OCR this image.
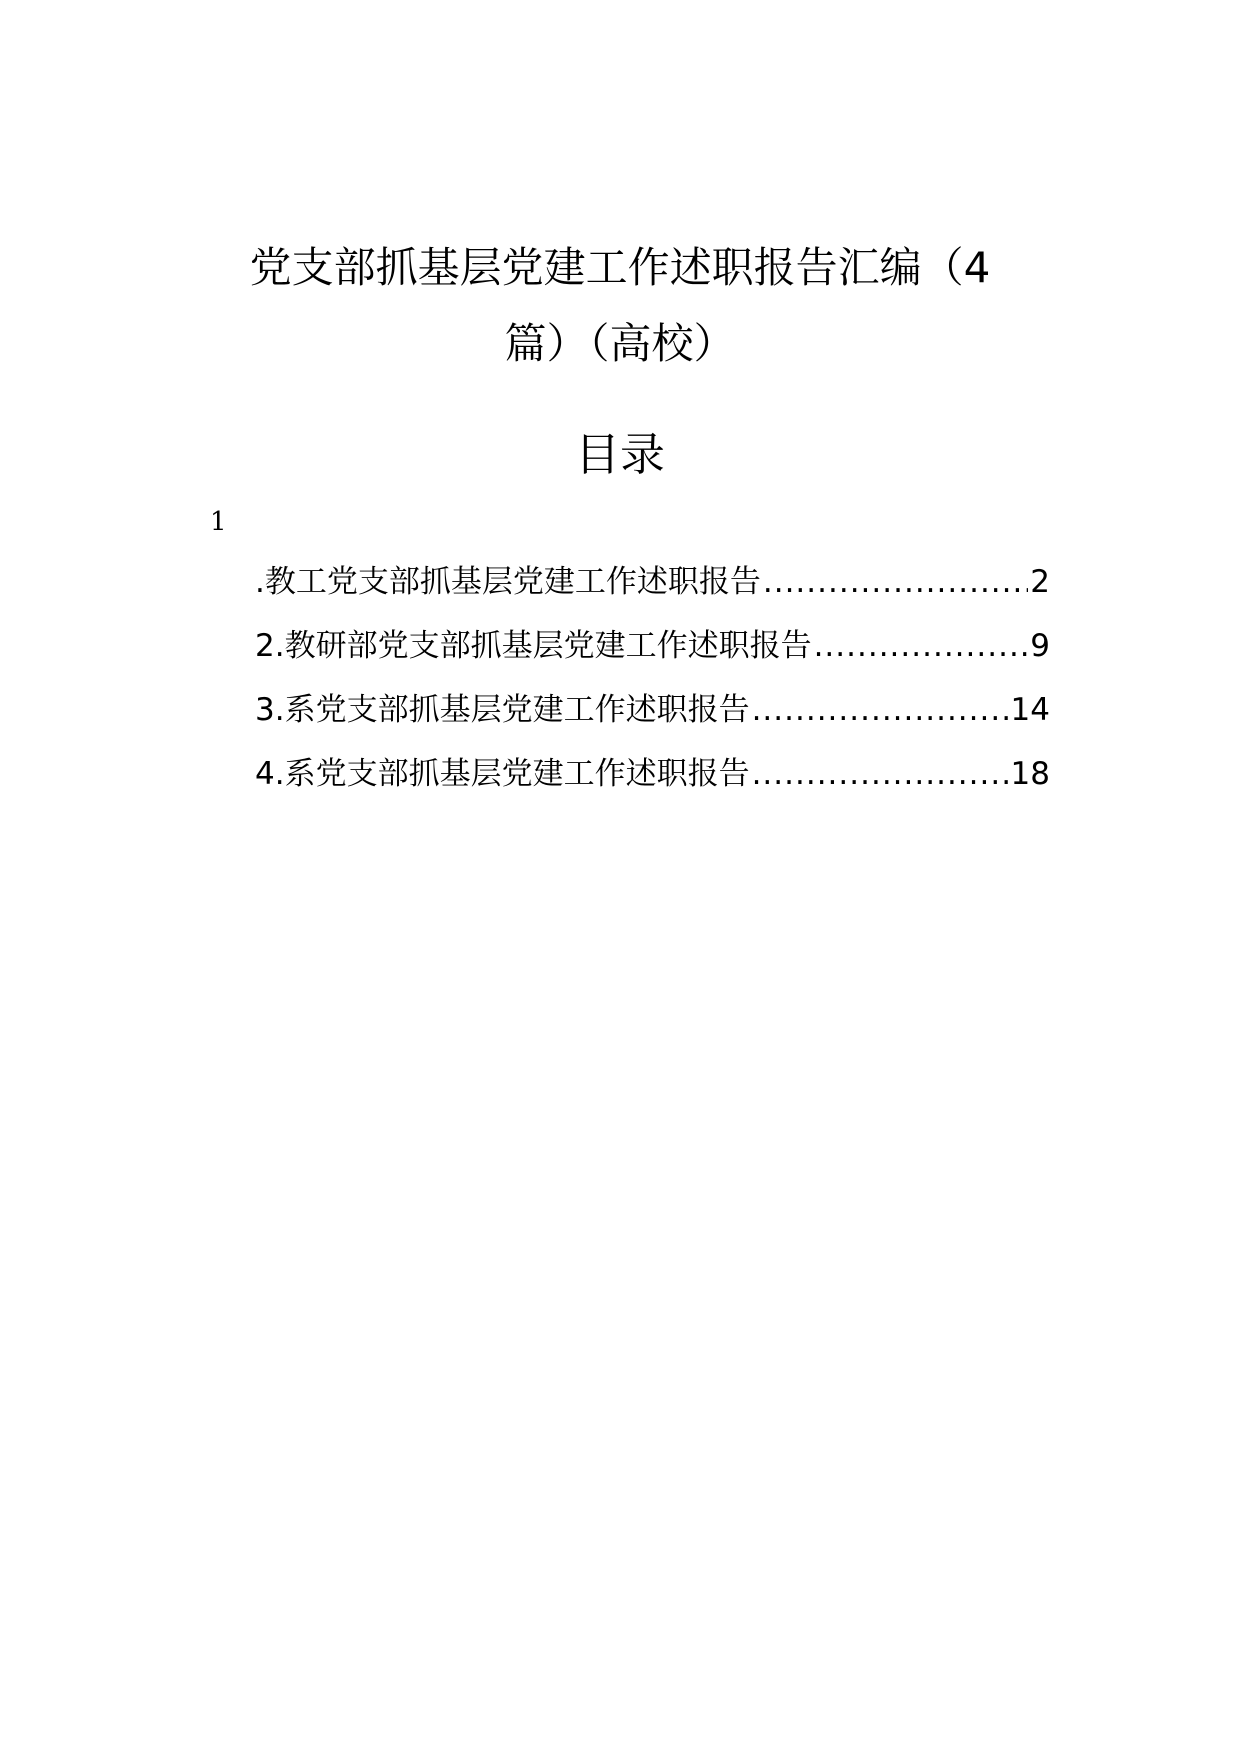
党支部抓基层党建工作述职报告汇编（4
篇）（高校）
目录
1
.教工党支部抓基层党建工作述职报告 .....	2
2.教研部党支部抓基层党建工作述职报告 .....	9
3.系党支部抓基层党建工作述职报告 .....	14
4.系党支部抓基层党建工作述职报告 .....	18
